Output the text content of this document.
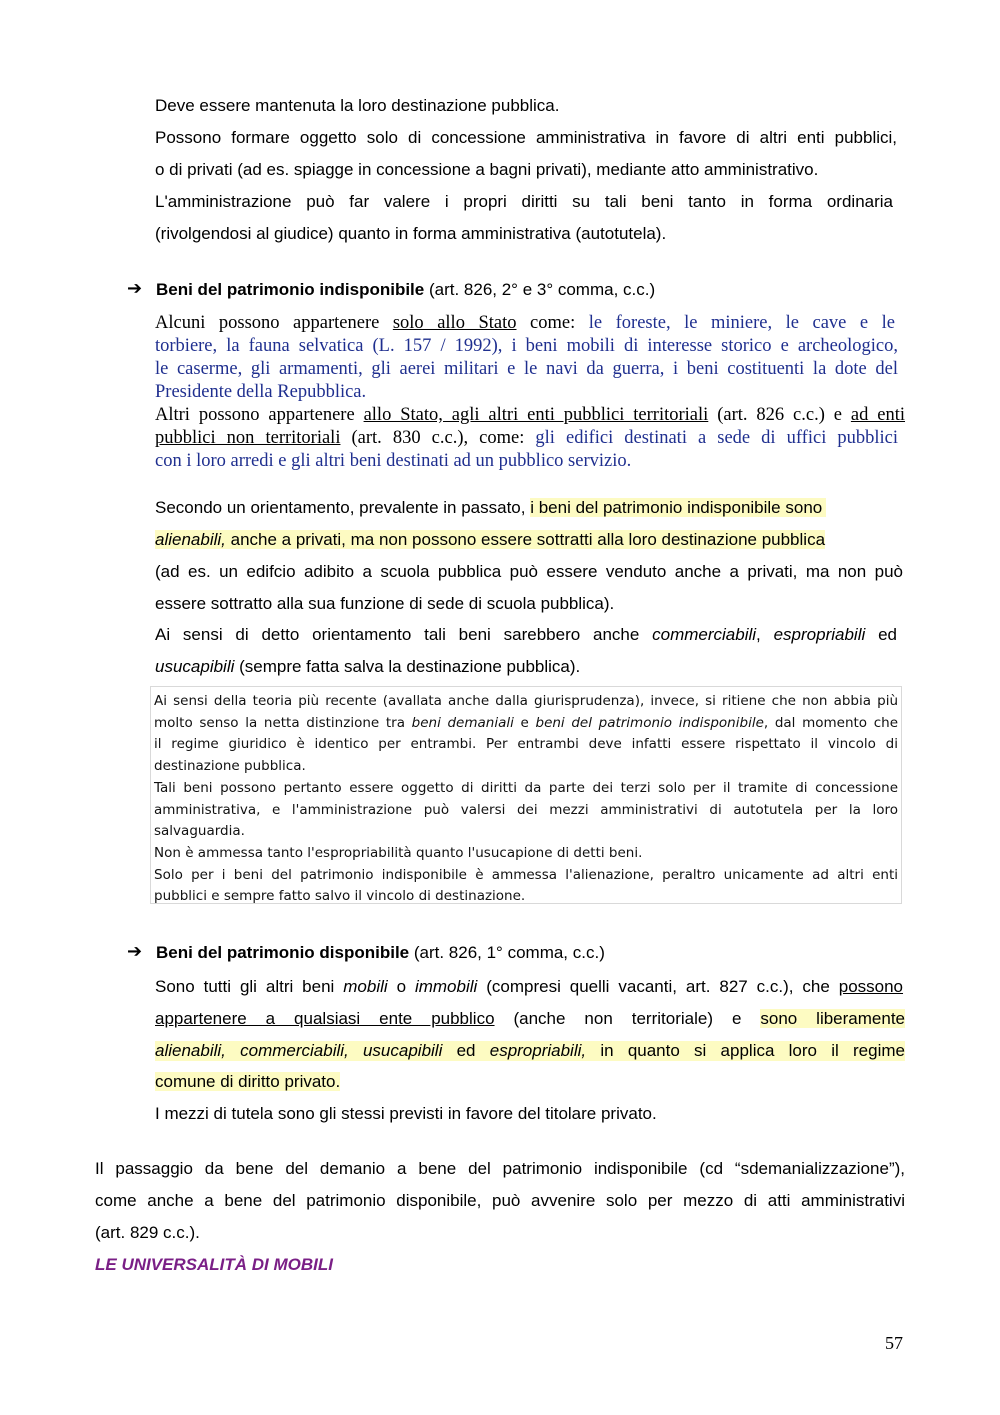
Deve essere mantenuta la loro destinazione pubblica.
Possono formare oggetto solo di concessione amministrativa in favore di altri enti pubblici,
o di privati (ad es. spiagge in concessione a bagni privati), mediante atto amministrativo.
L'amministrazione può far valere i propri diritti su tali beni tanto in forma ordinaria
(rivolgendosi al giudice) quanto in forma amministrativa (autotutela).
➔ Beni del patrimonio indisponibile (art. 826, 2° e 3° comma, c.c.)
Alcuni possono appartenere solo allo Stato come: le foreste, le miniere, le cave e le
torbiere, la fauna selvatica (L. 157 / 1992), i beni mobili di interesse storico e archeologico,
le caserme, gli armamenti, gli aerei militari e le navi da guerra, i beni costituenti la dote del
Presidente della Repubblica.
Altri possono appartenere allo Stato, agli altri enti pubblici territoriali (art. 826 c.c.) e ad enti
pubblici non territoriali (art. 830 c.c.), come: gli edifici destinati a sede di uffici pubblici
con i loro arredi e gli altri beni destinati ad un pubblico servizio.
Secondo un orientamento, prevalente in passato, i beni del patrimonio indisponibile sono
alienabili, anche a privati, ma non possono essere sottratti alla loro destinazione pubblica
(ad es. un edifcio adibito a scuola pubblica può essere venduto anche a privati, ma non può
essere sottratto alla sua funzione di sede di scuola pubblica).
Ai sensi di detto orientamento tali beni sarebbero anche commerciabili, espropriabili ed
usucapibili (sempre fatta salva la destinazione pubblica).
Ai sensi della teoria più recente (avallata anche dalla giurisprudenza), invece, si ritiene che non abbia più
molto senso la netta distinzione tra beni demaniali e beni del patrimonio indisponibile, dal momento che
il regime giuridico è identico per entrambi. Per entrambi deve infatti essere rispettato il vincolo di
destinazione pubblica.
Tali beni possono pertanto essere oggetto di diritti da parte dei terzi solo per il tramite di concessione
amministrativa, e l'amministrazione può valersi dei mezzi amministrativi di autotutela per la loro
salvaguardia.
Non è ammessa tanto l'espropriabilità quanto l'usucapione di detti beni.
Solo per i beni del patrimonio indisponibile è ammessa l'alienazione, peraltro unicamente ad altri enti
pubblici e sempre fatto salvo il vincolo di destinazione.
➔ Beni del patrimonio disponibile (art. 826, 1° comma, c.c.)
Sono tutti gli altri beni mobili o immobili (compresi quelli vacanti, art. 827 c.c.), che possono
appartenere a qualsiasi ente pubblico (anche non territoriale) e sono liberamente
alienabili, commerciabili, usucapibili ed espropriabili, in quanto si applica loro il regime
comune di diritto privato.
I mezzi di tutela sono gli stessi previsti in favore del titolare privato.
Il passaggio da bene del demanio a bene del patrimonio indisponibile (cd “sdemanializzazione”),
come anche a bene del patrimonio disponibile, può avvenire solo per mezzo di atti amministrativi
(art. 829 c.c.).
LE UNIVERSALITÀ DI MOBILI
57
